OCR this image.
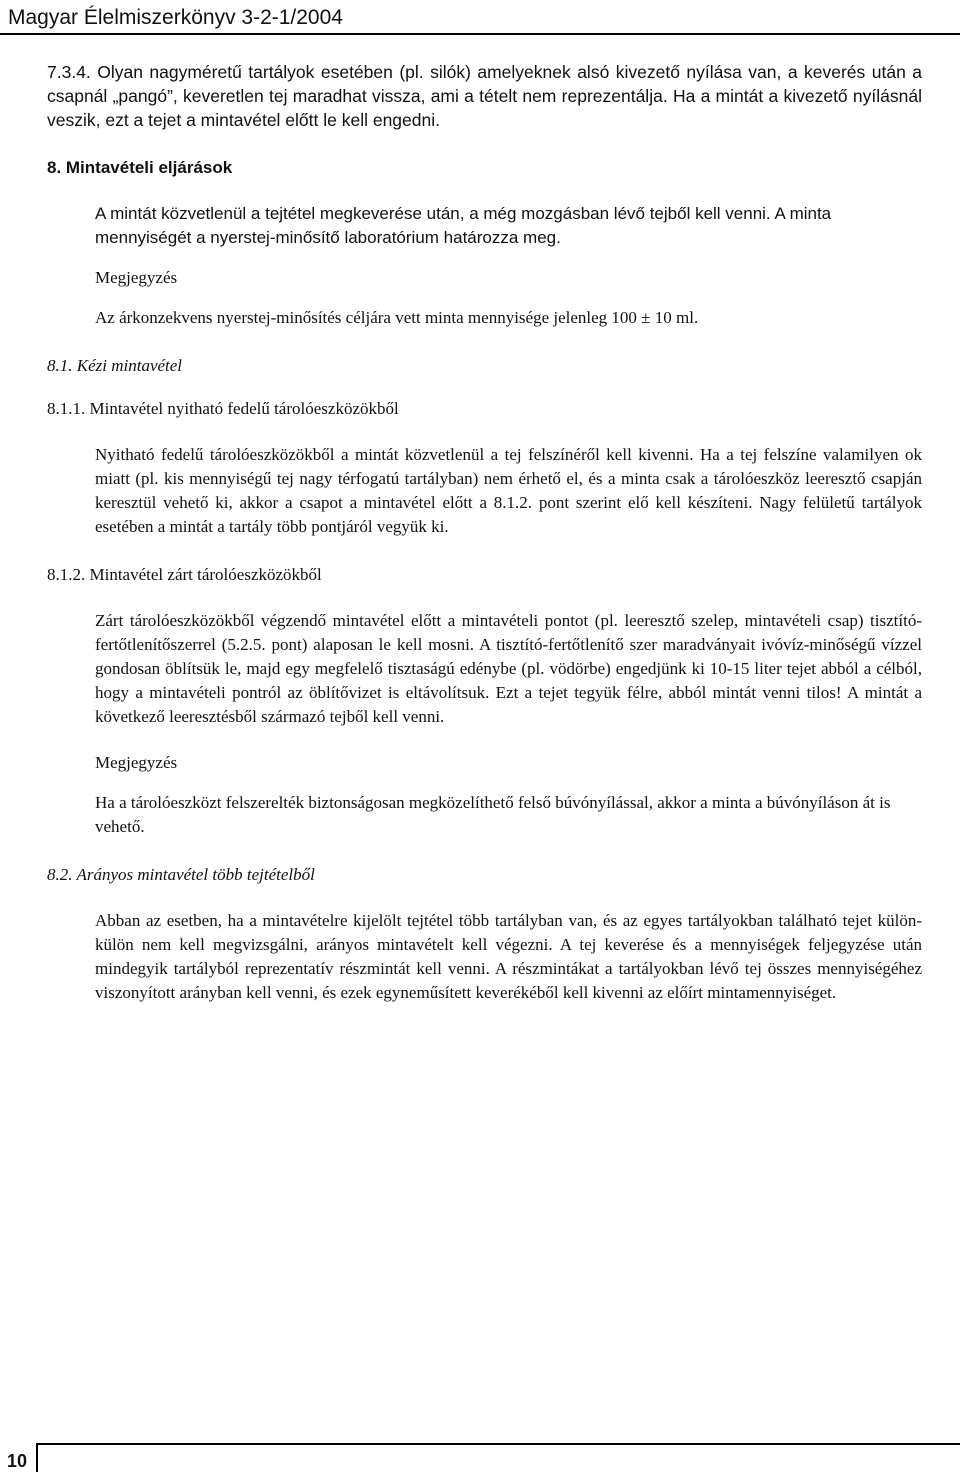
Magyar Élelmiszerkönyv 3-2-1/2004

7.3.4. Olyan nagyméretű tartályok esetében (pl. silók) amelyeknek alsó kivezető nyílása van, a keverés után a csapnál „pangó”, keveretlen tej maradhat vissza, ami a tételt nem reprezentálja. Ha a mintát a kivezető nyílásnál veszik, ezt a tejet a mintavétel előtt le kell engedni.

8. Mintavételi eljárások

A mintát közvetlenül a tejtétel megkeverése után, a még mozgásban lévő tejből kell venni. A minta mennyiségét a nyerstej-minősítő laboratórium határozza meg.

Megjegyzés

Az árkonzekvens nyerstej-minősítés céljára vett minta mennyisége jelenleg 100 ± 10 ml.

8.1. Kézi mintavétel

8.1.1. Mintavétel nyitható fedelű tárolóeszközökből

Nyitható fedelű tárolóeszközökből a mintát közvetlenül a tej felszínéről kell kivenni. Ha a tej felszíne valamilyen ok miatt (pl. kis mennyiségű tej nagy térfogatú tartályban) nem érhető el, és a minta csak a tárolóeszköz leeresztő csapján keresztül vehető ki, akkor a csapot a mintavétel előtt a 8.1.2. pont szerint elő kell készíteni. Nagy felületű tartályok esetében a mintát a tartály több pontjáról vegyük ki.

8.1.2. Mintavétel zárt tárolóeszközökből

Zárt tárolóeszközökből végzendő mintavétel előtt a mintavételi pontot (pl. leeresztő szelep, mintavételi csap) tisztító-fertőtlenítőszerrel (5.2.5. pont) alaposan le kell mosni. A tisztító-fertőtlenítő szer maradványait ivóvíz-minőségű vízzel gondosan öblítsük le, majd egy megfelelő tisztaságú edénybe (pl. vödörbe) engedjünk ki 10-15 liter tejet abból a célból, hogy a mintavételi pontról az öblítővizet is eltávolítsuk. Ezt a tejet tegyük félre, abból mintát venni tilos! A mintát a következő leeresztésből származó tejből kell venni.

Megjegyzés

Ha a tárolóeszközt felszerelték biztonságosan megközelíthető felső búvónyílással, akkor a minta a búvónyíláson át is vehető.

8.2. Arányos mintavétel több tejtételből

Abban az esetben, ha a mintavételre kijelölt tejtétel több tartályban van, és az egyes tartályokban található tejet külön-külön nem kell megvizsgálni, arányos mintavételt kell végezni. A tej keverése és a mennyiségek feljegyzése után mindegyik tartályból reprezentatív részmintát kell venni. A részmintákat a tartályokban lévő tej összes mennyiségéhez viszonyított arányban kell venni, és ezek egyneműsített keverékéből kell kivenni az előírt mintamennyiséget.

10
